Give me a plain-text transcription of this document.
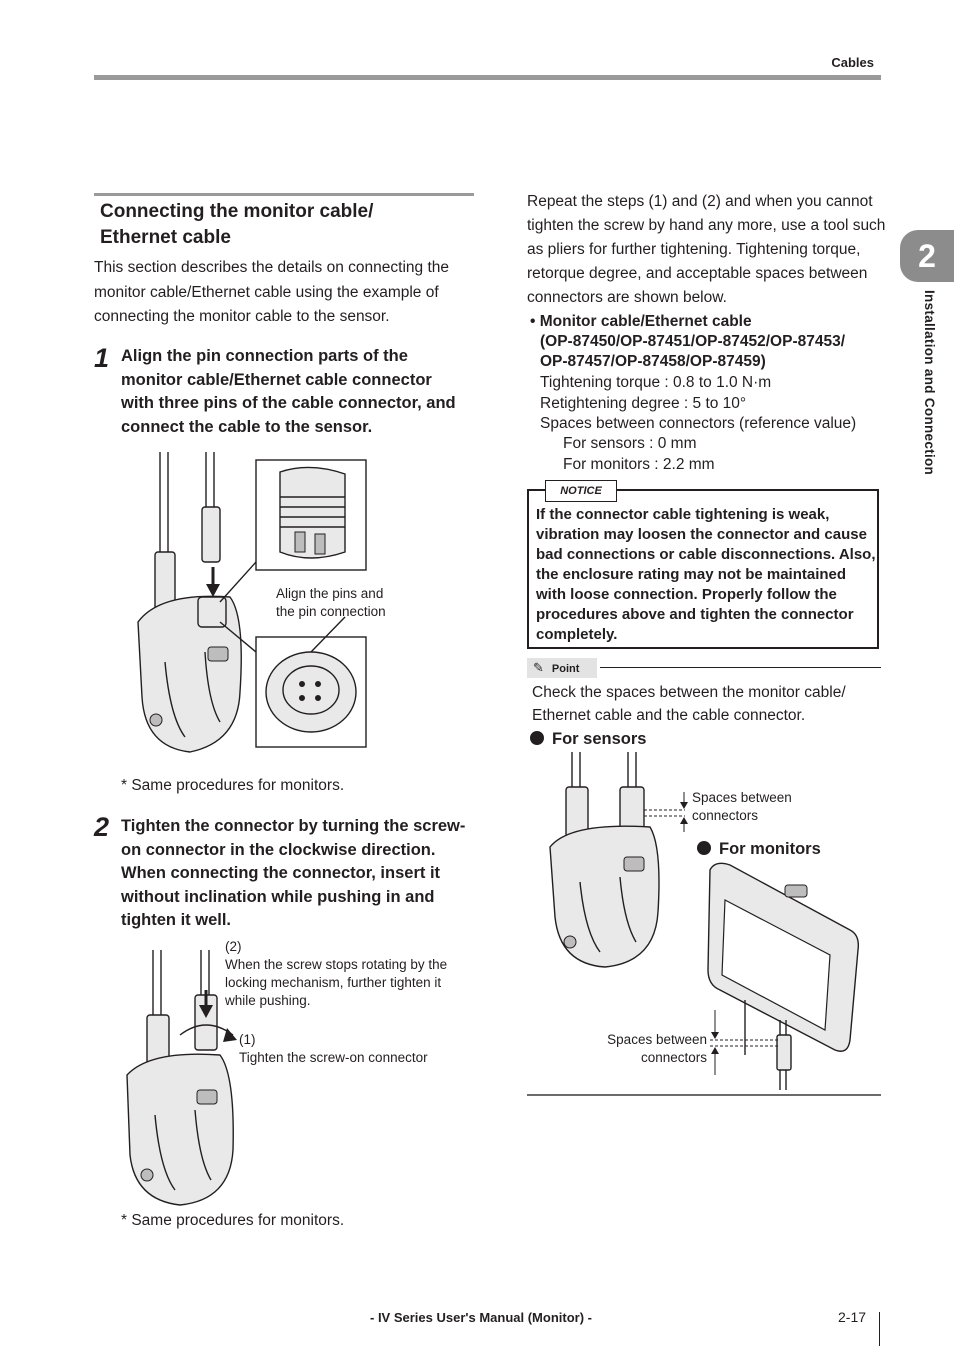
Cables
2
Installation and Connection
Connecting the monitor cable/
Ethernet cable
This section describes the details on connecting the monitor cable/Ethernet cable using the example of connecting the monitor cable to the sensor.
1 Align the pin connection parts of the monitor cable/Ethernet cable connector with three pins of the cable connector, and connect the cable to the sensor.
Align the pins and
the pin connection
* Same procedures for monitors.
2 Tighten the connector by turning the screw-on connector in the clockwise direction. When connecting the connector, insert it without inclination while pushing in and tighten it well.
(2)
When the screw stops rotating by the locking mechanism, further tighten it while pushing.
(1)
Tighten the screw-on connector
* Same procedures for monitors.
Repeat the steps (1) and (2) and when you cannot tighten the screw by hand any more, use a tool such as pliers for further tightening. Tightening torque, retorque degree, and acceptable spaces between connectors are shown below.
• Monitor cable/Ethernet cable
(OP-87450/OP-87451/OP-87452/OP-87453/
OP-87457/OP-87458/OP-87459)
Tightening torque : 0.8 to 1.0 N·m
Retightening degree : 5 to 10°
Spaces between connectors (reference value)
For sensors : 0 mm
For monitors : 2.2 mm
NOTICE
If the connector cable tightening is weak, vibration may loosen the connector and cause bad connections or cable disconnections. Also, the enclosure rating may not be maintained with loose connection. Properly follow the procedures above and tighten the connector completely.
✎ Point
Check the spaces between the monitor cable/ Ethernet cable and the cable connector.
For sensors
For monitors
Spaces between
connectors
Spaces between
connectors
- IV Series User's Manual (Monitor) -	2-17
